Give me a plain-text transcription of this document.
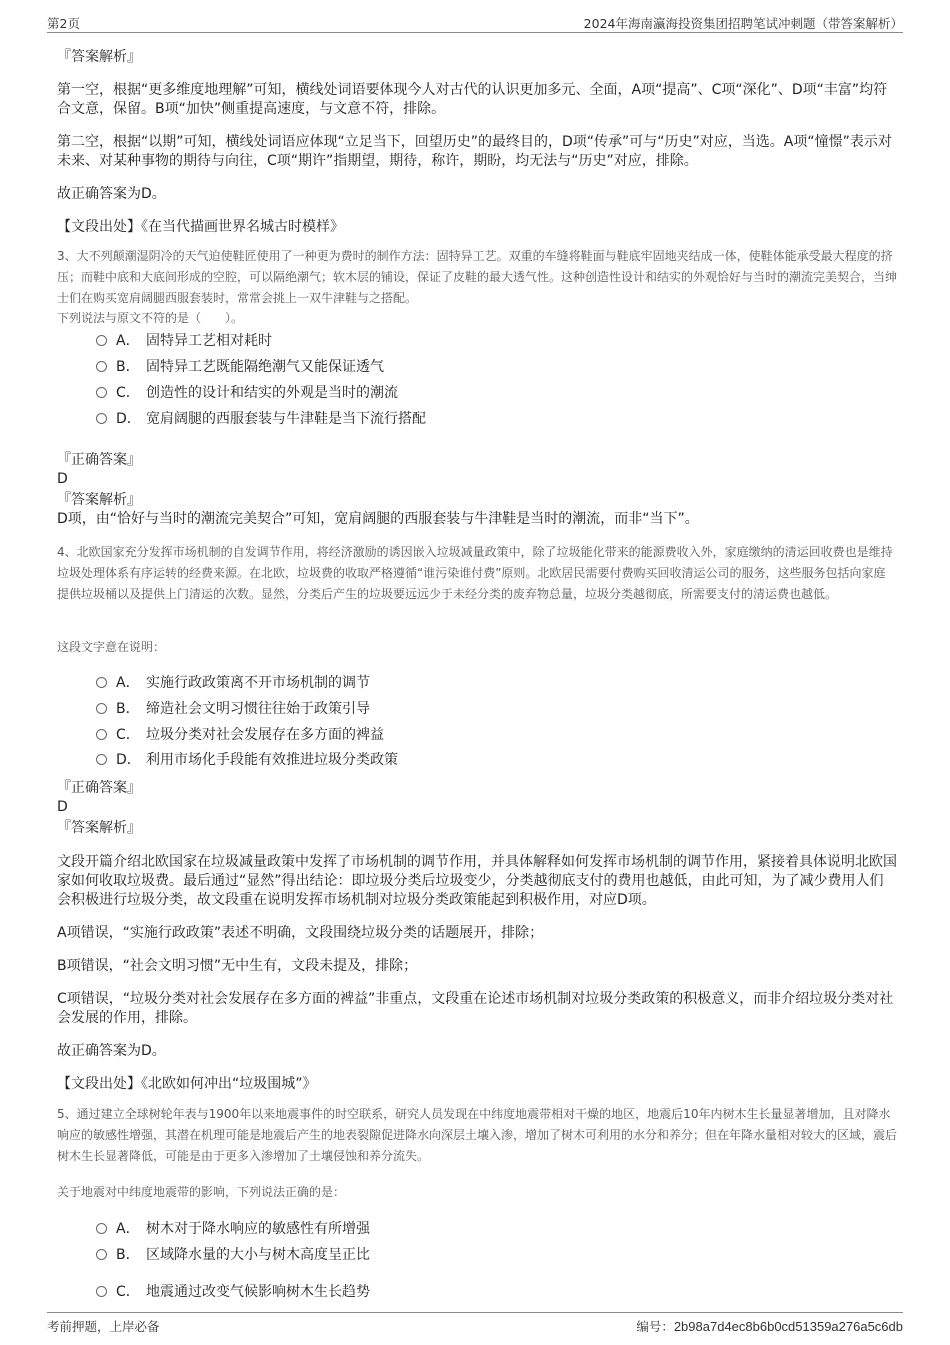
第2页	2024年海南瀛海投资集团招聘笔试冲刺题（带答案解析）

『答案解析』

第一空，根据“更多维度地理解”可知，横线处词语要体现今人对古代的认识更加多元、全面，A项“提高”、C项“深化”、D项“丰富”均符合文意，保留。B项“加快”侧重提高速度，与文意不符，排除。

第二空，根据“以期”可知，横线处词语应体现“立足当下，回望历史”的最终目的，D项“传承”可与“历史”对应，当选。A项“憧憬”表示对未来、对某种事物的期待与向往，C项“期许”指期望，期待，称许，期盼，均无法与“历史”对应，排除。

故正确答案为D。

【文段出处】《在当代描画世界名城古时模样》

3、大不列颠潮湿阴冷的天气迫使鞋匠使用了一种更为费时的制作方法：固特异工艺。双重的车缝将鞋面与鞋底牢固地夹结成一体，使鞋体能承受最大程度的挤压；而鞋中底和大底间形成的空腔，可以隔绝潮气；软木层的铺设，保证了皮鞋的最大透气性。这种创造性设计和结实的外观恰好与当时的潮流完美契合，当绅士们在购买宽肩阔腿西服套装时，常常会挑上一双牛津鞋与之搭配。

下列说法与原文不符的是（　　）。

A． 固特异工艺相对耗时
B． 固特异工艺既能隔绝潮气又能保证透气
C． 创造性的设计和结实的外观是当时的潮流
D． 宽肩阔腿的西服套装与牛津鞋是当下流行搭配

『正确答案』

D

『答案解析』

D项，由“恰好与当时的潮流完美契合”可知，宽肩阔腿的西服套装与牛津鞋是当时的潮流，而非“当下”。

4、北欧国家充分发挥市场机制的自发调节作用，将经济激励的诱因嵌入垃圾减量政策中，除了垃圾能化带来的能源费收入外，家庭缴纳的清运回收费也是维持垃圾处理体系有序运转的经费来源。在北欧，垃圾费的收取严格遵循“谁污染谁付费”原则。北欧居民需要付费购买回收清运公司的服务，这些服务包括向家庭提供垃圾桶以及提供上门清运的次数。显然，分类后产生的垃圾要远远少于未经分类的废弃物总量，垃圾分类越彻底，所需要支付的清运费也越低。

这段文字意在说明：

A． 实施行政政策离不开市场机制的调节
B． 缔造社会文明习惯往往始于政策引导
C． 垃圾分类对社会发展存在多方面的裨益
D． 利用市场化手段能有效推进垃圾分类政策

『正确答案』

D

『答案解析』

文段开篇介绍北欧国家在垃圾减量政策中发挥了市场机制的调节作用，并具体解释如何发挥市场机制的调节作用，紧接着具体说明北欧国家如何收取垃圾费。最后通过“显然”得出结论：即垃圾分类后垃圾变少，分类越彻底支付的费用也越低，由此可知，为了减少费用人们会积极进行垃圾分类，故文段重在说明发挥市场机制对垃圾分类政策能起到积极作用，对应D项。

A项错误，“实施行政政策”表述不明确，文段围绕垃圾分类的话题展开，排除；

B项错误，“社会文明习惯”无中生有，文段未提及，排除；

C项错误，“垃圾分类对社会发展存在多方面的裨益”非重点，文段重在论述市场机制对垃圾分类政策的积极意义，而非介绍垃圾分类对社会发展的作用，排除。

故正确答案为D。

【文段出处】《北欧如何冲出“垃圾围城”》

5、通过建立全球树轮年表与1900年以来地震事件的时空联系，研究人员发现在中纬度地震带相对干燥的地区，地震后10年内树木生长量显著增加，且对降水响应的敏感性增强，其潜在机理可能是地震后产生的地表裂隙促进降水向深层土壤入渗，增加了树木可利用的水分和养分；但在年降水量相对较大的区域，震后树木生长显著降低，可能是由于更多入渗增加了土壤侵蚀和养分流失。

关于地震对中纬度地震带的影响，下列说法正确的是：

A． 树木对于降水响应的敏感性有所增强
B． 区域降水量的大小与树木高度呈正比
C． 地震通过改变气候影响树木生长趋势
考前押题，上岸必备	编号：2b98a7d4ec8b6b0cd51359a276a5c6db
